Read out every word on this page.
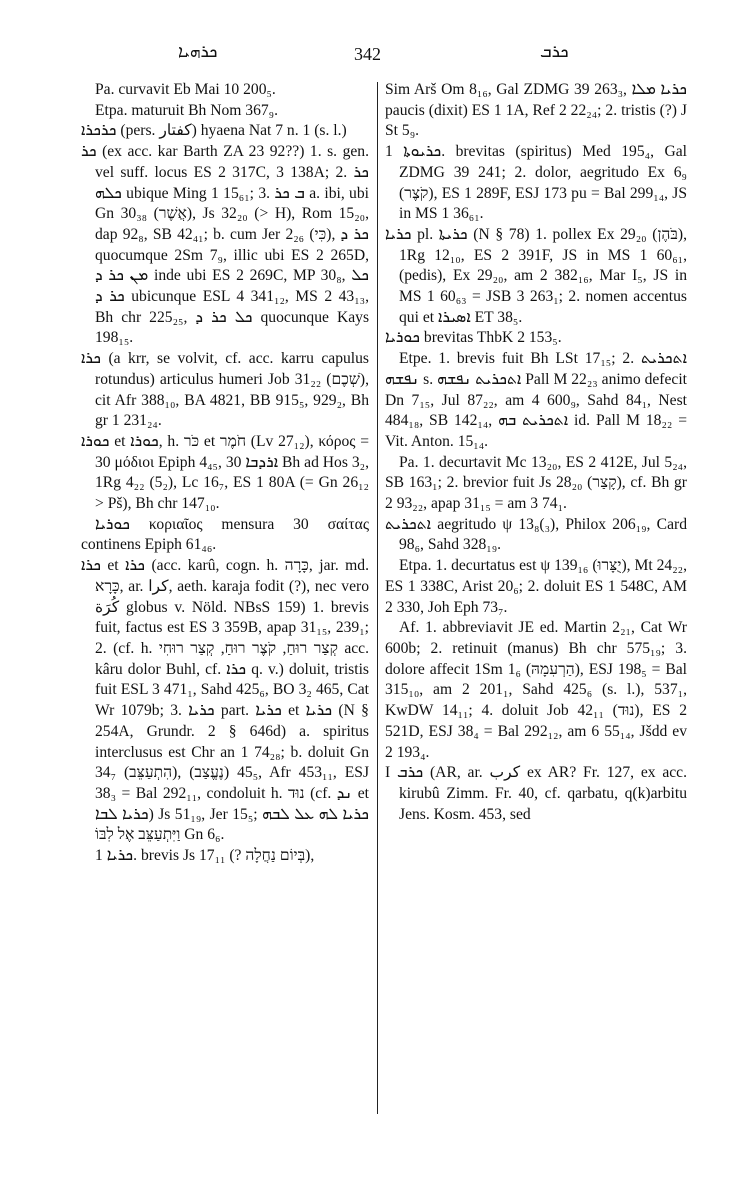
ܟܪܗܝܐ	342	ܟܪܒ

Pa. curvavit Eb Mai 10 200₅.

Etpa. maturuit Bh Nom 367₉.

ܟܪܟܪܐ (pers. کفتار) hyaena Nat 7 n. 1 (s. l.)

ܟܪ (ex acc. kar Barth ZA 23 92??) 1. s. gen. vel suff. locus ES 2 317C, 3 138A; 2. ܟܪ ܟܠܗ ubique Ming 1 15₆₁; 3. ܒ ܟܪ a. ibi, ubi Gn 30₃₈ (אֲשֶׁר), Js 32₂₀ (> H), Rom 15₂₀, dap 92₈, SB 42₄₁; b. cum Jer 2₂₆ (כִּי), ܟܪ ܕ quocumque 2Sm 7₉, illic ubi ES 2 265D, ܡܢ ܟܪ ܕ inde ubi ES 2 269C, MP 30₈, ܟܠ ܟܪ ܕ ubicunque ESL 4 341₁₂, MS 2 43₁₃, Bh chr 225₂₅, ܟܠ ܟܪ ܕ quocunque Kays 198₁₅.

ܟܪܐ (a krr, se volvit, cf. acc. karru capulus rotundus) articulus humeri Job 31₂₂ (שְׁכֶם), cit Afr 388₁₀, BA 4821, BB 915₅, 929₂, Bh gr 1 231₂₄.

ܟܘܪܐ et ܟܘܪܐ, h. כֹּר et חֹמֶר (Lv 27₁₂), κόρος = 30 μόδιοι Epiph 4₄₅, 30 ܐܪܕܒܐ Bh ad Hos 3₂, 1Rg 4₂₂ (5₂), Lc 16₇, ES 1 80A (= Gn 26₁₂ > Pš), Bh chr 147₁₀.

ܟܘܪܝܐ κοριαῖος mensura 30 σαίτας continens Epiph 61₄₆.

ܟܪܐ et ܟܪܐ (acc. karû, cogn. h. כָּרָה, jar. md. כָּרָא, ar. كرا, aeth. karaja fodit (?), nec vero كُرَة globus v. Nöld. NBsS 159) 1. brevis fuit, factus est ES 3 359B, apap 31₁₅, 239₁; 2. (cf. h. קְצַר רוּחַ, קֹצֶר רוּחַ, קְצַר רוּחִי acc. kâru dolor Buhl, cf. ܟܪܐ q. v.) doluit, tristis fuit ESL 3 471₁, Sahd 425₆, BO 3₂ 465, Cat Wr 1079b; 3. ܟܪܝܐ part. ܟܪܝܐ et ܟܪܝܐ (N § 254A, Grundr. 2 § 646d) a. spiritus interclusus est Chr an 1 74₂₈; b. doluit Gn 34₇ (הִתְעַצֵּב), 45₅ (נֶעֱצַב), Afr 453₁₁, ESJ 38₃ = Bal 292₁₁, condoluit h. נוּד (cf. ܢܕ et ܟܪܝܐ ܠܒܐ) Js 51₁₉, Jer 15₅; ܟܪܝܐ ܠܗ ܥܠ ܠܒܗ וַיִּתְעַצֵּב אֶל לִבּוֹ Gn 6₆.

ܟܪܝܐ 1. brevis Js 17₁₁ (? בְּיוֹם נַחֲלָה),

Sim Arš Om 8₁₆, Gal ZDMG 39 263₃, ܟܪܝܐ ܡܠܐ paucis (dixit) ES 1 1A, Ref 2 22₂₄; 2. tristis (?) J St 5₉.

ܟܪܝܘܬܐ 1. brevitas (spiritus) Med 195₄, Gal ZDMG 39 241; 2. dolor, aegritudo Ex 6₉ (קֹצֶר), ES 1 289F, ESJ 173 pu = Bal 299₁₄, JS in MS 1 36₆₁.

ܟܪܝܐ pl. ܟܪܝܬܐ (N § 78) 1. pollex Ex 29₂₀ (בֹּהֶן), 1Rg 12₁₀, ES 2 391F, JS in MS 1 60₆₁, (pedis), Ex 29₂₀, am 2 382₁₆, Mar I₅, JS in MS 1 60₆₃ = JSB 3 263₁; 2. nomen accentus qui et ܐܣܝܪܐ ET 38₅.

ܟܘܪܝܐ brevitas ThbK 2 153₅.

Etpe. 1. brevis fuit Bh LSt 17₁₅; 2. ܐܬܟܪܝܬ ܢܦܫܗ s. ܐܬܟܪܝܬ ܢܦܫܗ Pall M 22₂₃ animo defecit Dn 7₁₅, Jul 87₂₂, am 4 600₉, Sahd 84₁, Nest 484₁₈, SB 142₁₄, ܐܬܟܪܝܬ ܒܗ id. Pall M 18₂₂ = Vit. Anton. 15₁₄.

Pa. 1. decurtavit Mc 13₂₀, ES 2 412E, Jul 5₂₄, SB 163₁; 2. brevior fuit Js 28₂₀ (קָצַר), cf. Bh gr 2 93₂₂, apap 31₁₅ = am 3 74₁.

ܐܬܟܪܝܬ aegritudo ψ 13₈(₃), Philox 206₁₉, Card 98₆, Sahd 328₁₉.

Etpa. 1. decurtatus est ψ 139₁₆ (יֻצָּרוּ), Mt 24₂₂, ES 1 338C, Arist 20₆; 2. doluit ES 1 548C, AM 2 330, Joh Eph 73₇.

Af. 1. abbreviavit JE ed. Martin 2₂₁, Cat Wr 600b; 2. retinuit (manus) Bh chr 575₁₉; 3. dolore affecit 1Sm 1₆ (הַרְעִמָהּ), ESJ 198₅ = Bal 315₁₀, am 2 201₁, Sahd 425₆ (s. l.), 537₁, KwDW 14₁₁; 4. doluit Job 42₁₁ (נוּד), ES 2 521D, ESJ 38₄ = Bal 292₁₂, am 6 55₁₄, Jšdd ev 2 193₄.

I ܟܪܒ (AR, ar. كرب ex AR? Fr. 127, ex acc. kirubû Zimm. Fr. 40, cf. qarbatu, q(k)arbitu Jens. Kosm. 453, sed
